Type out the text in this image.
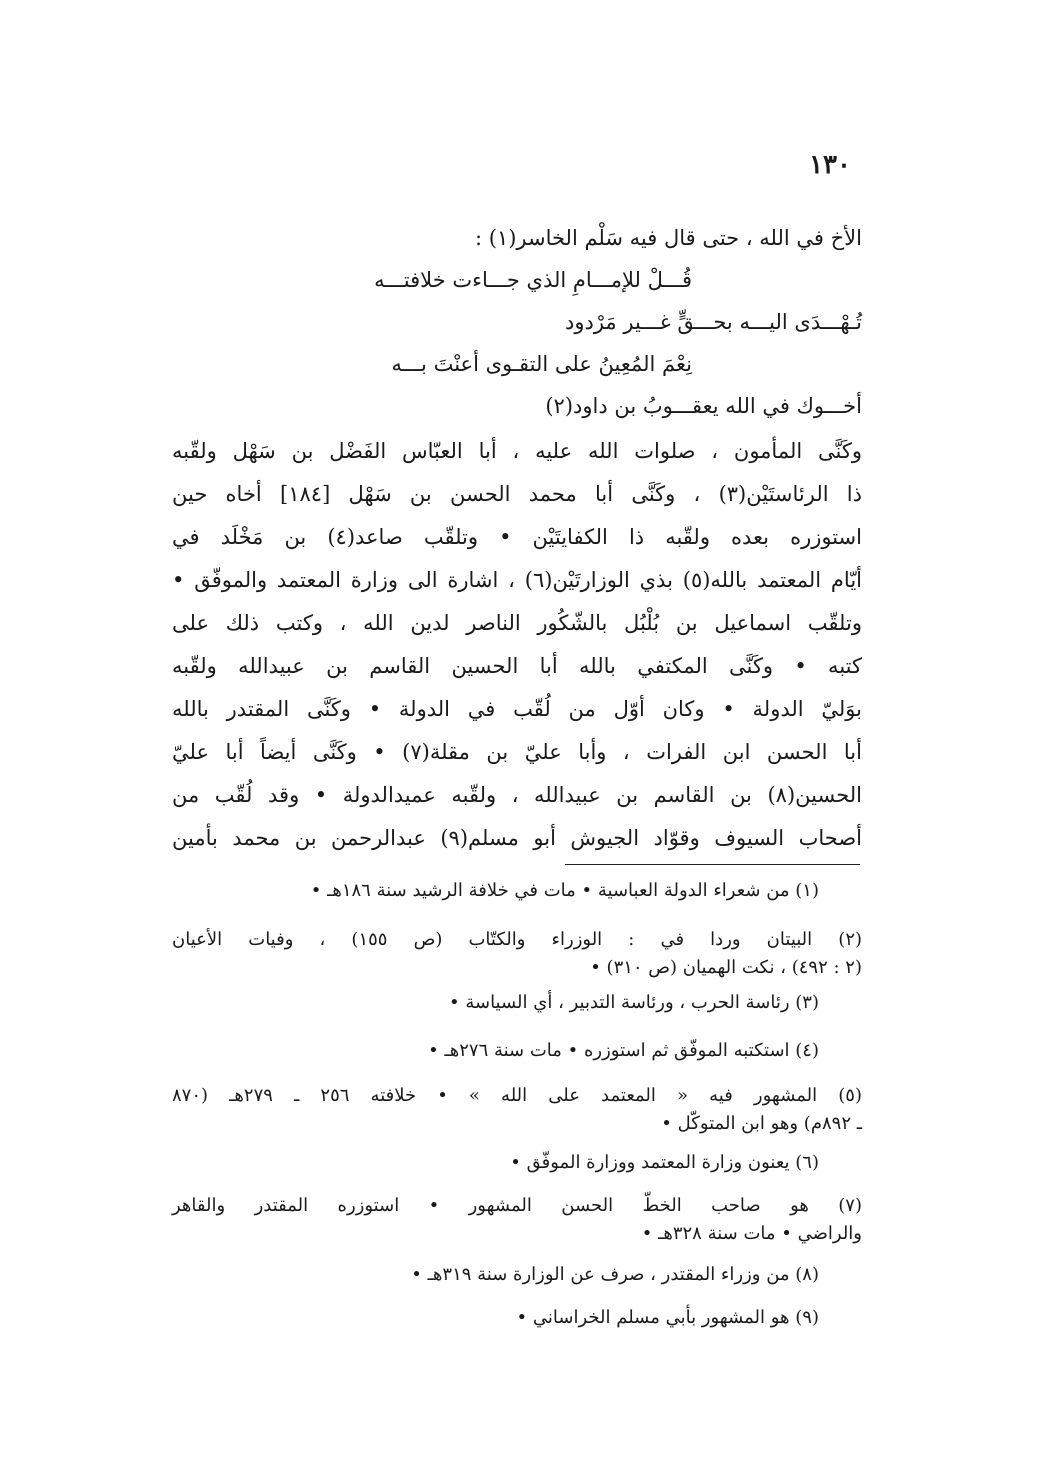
١٣٠
الأخ في الله ، حتى قال فيه سَلْم الخاسر(١) :
قُـــلْ للإمـــامِ الذي جـــاءت خلافتـــه
تُـهْـــدَى اليـــه بحـــقٍّ غـــير مَرْدود
نِعْمَ المُعِينُ على التقـوى أعنْتَ بـــه
أخـــوك في الله يعقـــوبُ بن داود(٢)
وكَنَّى المأمون ، صلوات الله عليه ، أبا العبّاس الفَضْل بن سَهْل ولقّبه
ذا الرئاستَيْن(٣) ، وكَنَّى أبا محمد الحسن بن سَهْل [١٨٤] أخاه حين
استوزره بعده ولقّبه ذا الكفايتَيْن • وتلقّب صاعد(٤) بن مَخْلَد في
أيّام المعتمد بالله(٥) بذي الوزارتَيْن(٦) ، اشارة الى وزارة المعتمد والموفّق •
وتلقّب اسماعيل بن بُلْبُل بالشّكُور الناصر لدين الله ، وكتب ذلك على
كتبه • وكَنَّى المكتفي بالله أبا الحسين القاسم بن عبيدالله ولقّبه
بوَليّ الدولة • وكان أوّل من لُقّب في الدولة • وكَنَّى المقتدر بالله
أبا الحسن ابن الفرات ، وأبا عليّ بن مقلة(٧) • وكَنَّى أيضاً أبا عليّ
الحسين(٨) بن القاسم بن عبيدالله ، ولقّبه عميدالدولة • وقد لُقّب من
أصحاب السيوف وقوّاد الجيوش أبو مسلم(٩) عبدالرحمن بن محمد بأمين
(١) من شعراء الدولة العباسية • مات في خلافة الرشيد سنة ١٨٦هـ •
(٢) البيتان وردا في : الوزراء والكتّاب (ص ١٥٥) ، وفيات الأعيان
(٢ : ٤٩٢) ، نكت الهميان (ص ٣١٠) •
(٣) رئاسة الحرب ، ورئاسة التدبير ، أي السياسة •
(٤) استكتبه الموفّق ثم استوزره • مات سنة ٢٧٦هـ •
(٥) المشهور فيه « المعتمد على الله » • خلافته ٢٥٦ ـ ٢٧٩هـ (٨٧٠
ـ ٨٩٢م) وهو ابن المتوكّل •
(٦) يعنون وزارة المعتمد ووزارة الموفّق •
(٧) هو صاحب الخطّ الحسن المشهور • استوزره المقتدر والقاهر
والراضي • مات سنة ٣٢٨هـ •
(٨) من وزراء المقتدر ، صرف عن الوزارة سنة ٣١٩هـ •
(٩) هو المشهور بأبي مسلم الخراساني •
